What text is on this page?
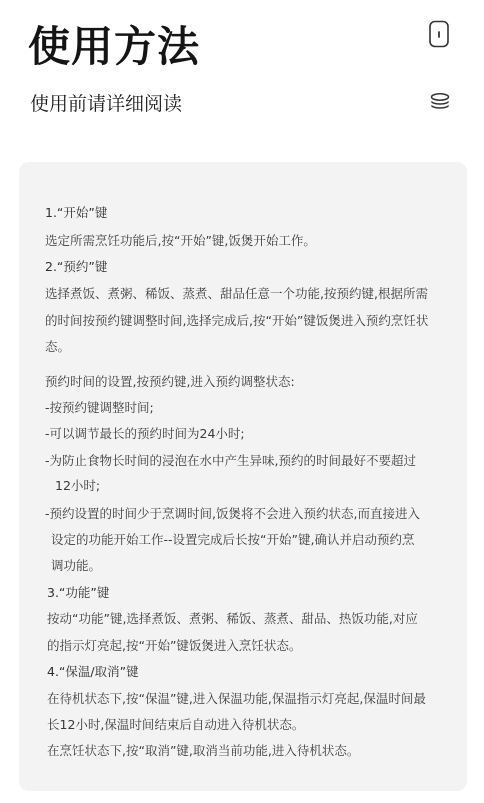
使用方法
使用前请详细阅读
1.“开始”键
选定所需烹饪功能后,按“开始”键,饭煲开始工作。
2.“预约”键
选择煮饭、煮粥、稀饭、蒸煮、甜品任意一个功能,按预约键,根据所需
的时间按预约键调整时间,选择完成后,按“开始”键饭煲进入预约烹饪状
态。
预约时间的设置,按预约键,进入预约调整状态:
-按预约键调整时间;
-可以调节最长的预约时间为24小时;
-为防止食物长时间的浸泡在水中产生异味,预约的时间最好不要超过
12小时;
-预约设置的时间少于烹调时间,饭煲将不会进入预约状态,而直接进入
设定的功能开始工作--设置完成后长按“开始”键,确认并启动预约烹
调功能。
3.“功能”键
按动“功能”键,选择煮饭、煮粥、稀饭、蒸煮、甜品、热饭功能,对应
的指示灯亮起,按“开始”键饭煲进入烹饪状态。
4.“保温/取消”键
在待机状态下,按“保温”键,进入保温功能,保温指示灯亮起,保温时间最
长12小时,保温时间结束后自动进入待机状态。
在烹饪状态下,按“取消”键,取消当前功能,进入待机状态。
